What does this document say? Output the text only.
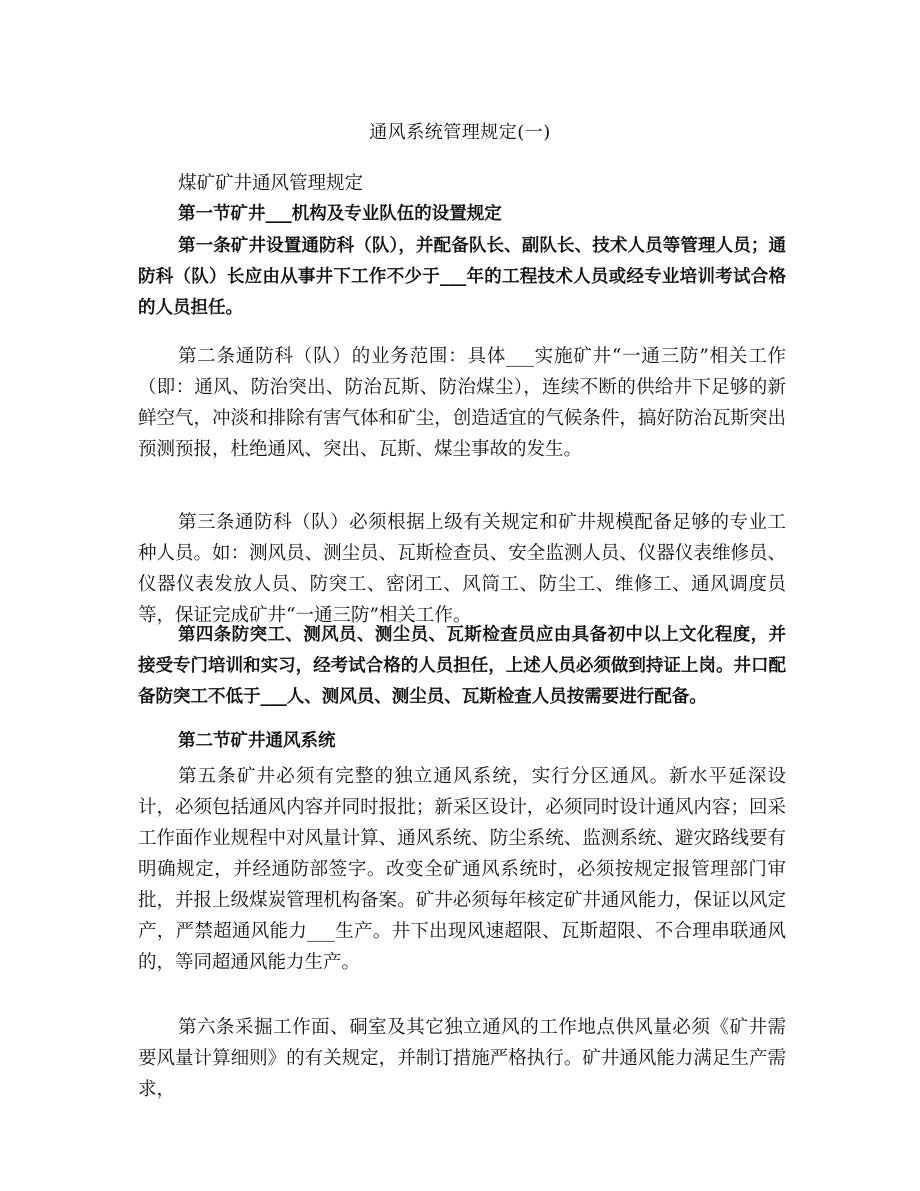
通风系统管理规定(一)

煤矿矿井通风管理规定

第一节矿井___机构及专业队伍的设置规定

第一条矿井设置通防科（队），并配备队长、副队长、技术人员等管理人员；通防科（队）长应由从事井下工作不少于___年的工程技术人员或经专业培训考试合格的人员担任。

第二条通防科（队）的业务范围：具体___实施矿井“一通三防”相关工作（即：通风、防治突出、防治瓦斯、防治煤尘），连续不断的供给井下足够的新鲜空气，冲淡和排除有害气体和矿尘，创造适宜的气候条件，搞好防治瓦斯突出预测预报，杜绝通风、突出、瓦斯、煤尘事故的发生。

第三条通防科（队）必须根据上级有关规定和矿井规模配备足够的专业工种人员。如：测风员、测尘员、瓦斯检查员、安全监测人员、仪器仪表维修员、仪器仪表发放人员、防突工、密闭工、风筒工、防尘工、维修工、通风调度员等，保证完成矿井“一通三防”相关工作。

第四条防突工、测风员、测尘员、瓦斯检查员应由具备初中以上文化程度，并接受专门培训和实习，经考试合格的人员担任，上述人员必须做到持证上岗。井口配备防突工不低于___人、测风员、测尘员、瓦斯检查人员按需要进行配备。

第二节矿井通风系统

第五条矿井必须有完整的独立通风系统，实行分区通风。新水平延深设计，必须包括通风内容并同时报批；新采区设计，必须同时设计通风内容；回采工作面作业规程中对风量计算、通风系统、防尘系统、监测系统、避灾路线要有明确规定，并经通防部签字。改变全矿通风系统时，必须按规定报管理部门审批，并报上级煤炭管理机构备案。矿井必须每年核定矿井通风能力，保证以风定产，严禁超通风能力___生产。井下出现风速超限、瓦斯超限、不合理串联通风的，等同超通风能力生产。

第六条采掘工作面、硐室及其它独立通风的工作地点供风量必须《矿井需要风量计算细则》的有关规定，并制订措施严格执行。矿井通风能力满足生产需求，
